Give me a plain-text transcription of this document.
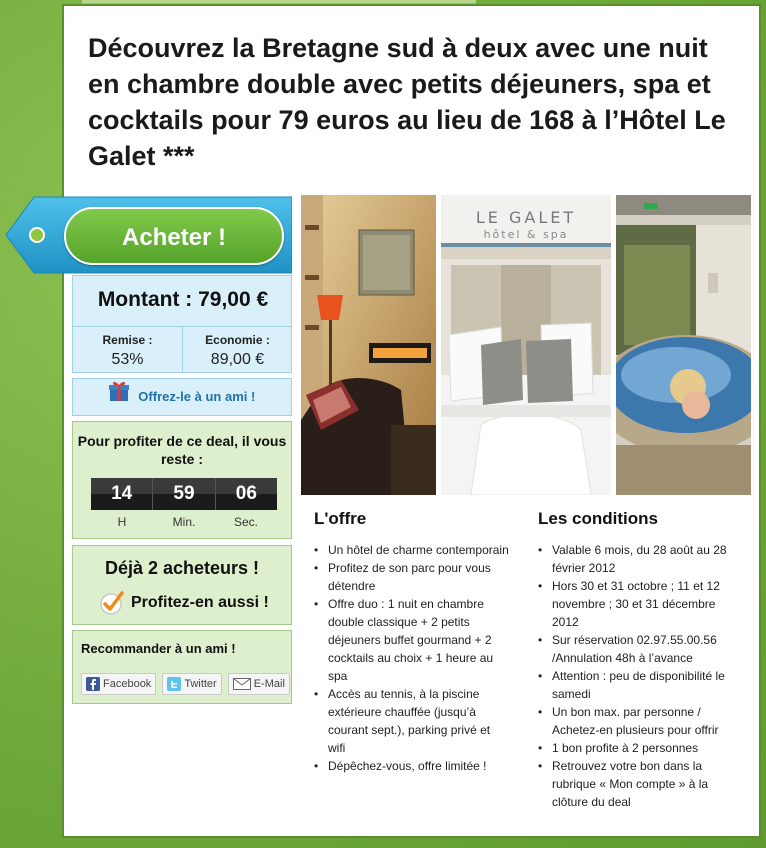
Découvrez la Bretagne sud à deux avec une nuit en chambre double avec petits déjeuners, spa et cocktails pour 79 euros au lieu de 168 à l’Hôtel Le Galet ***
Acheter !
Montant : 79,00 €
Remise :
53%
Economie :
89,00 €
Offrez-le à un ami !
Pour profiter de ce deal, il vous reste :
14	59	06
H	Min.	Sec.
Déjà 2 acheteurs !
Profitez-en aussi !
Recommander à un ami !
Facebook	Twitter	E-Mail
LE GALET
hôtel & spa
★★★
L'offre
• Un hôtel de charme contemporain
• Profitez de son parc pour vous détendre
• Offre duo : 1 nuit en chambre double classique + 2 petits déjeuners buffet gourmand + 2 cocktails au choix + 1 heure au spa
• Accès au tennis, à la piscine extérieure chauffée (jusqu’à courant sept.), parking privé et wifi
• Dépêchez-vous, offre limitée !
Les conditions
• Valable 6 mois, du 28 août au 28 février 2012
• Hors 30 et 31 octobre ; 11 et 12 novembre ; 30 et 31 décembre 2012
• Sur réservation 02.97.55.00.56 /Annulation 48h à l’avance
• Attention : peu de disponibilité le samedi
• Un bon max. par personne / Achetez-en plusieurs pour offrir
• 1 bon profite à 2 personnes
• Retrouvez votre bon dans la rubrique « Mon compte » à la clôture du deal
